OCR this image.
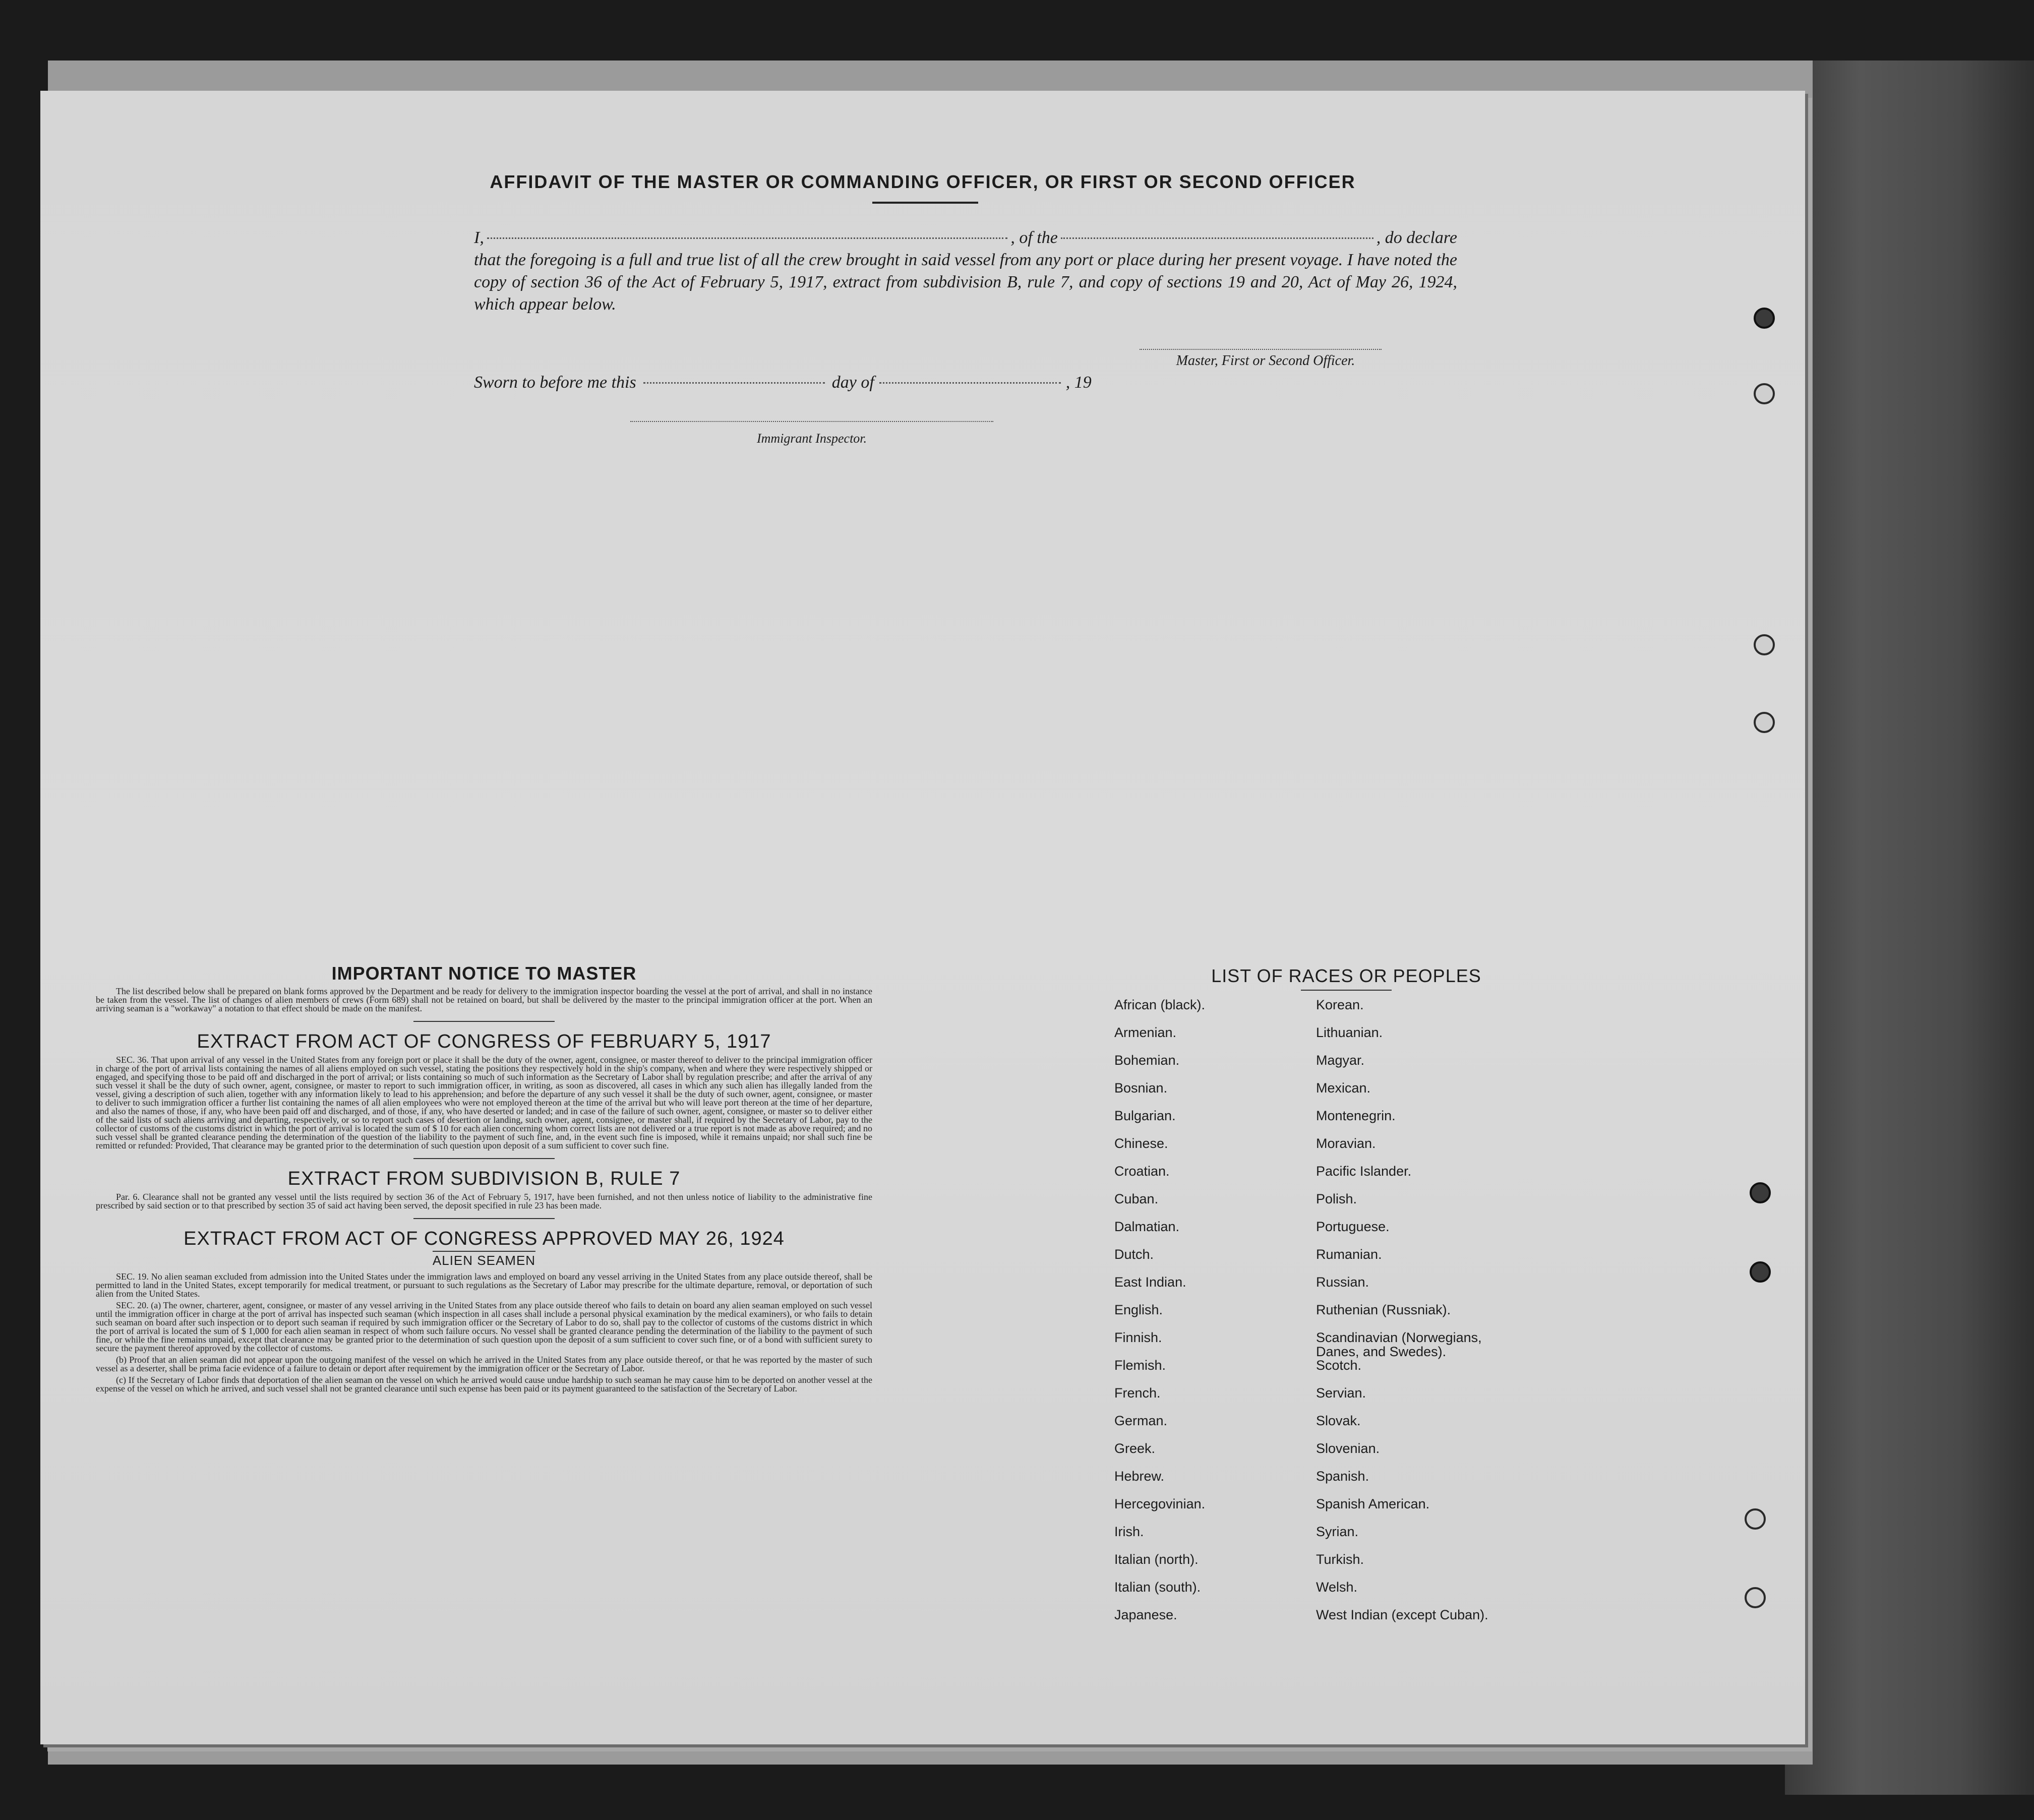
AFFIDAVIT OF THE MASTER OR COMMANDING OFFICER, OR FIRST OR SECOND OFFICER
I,	, of the	, do declare
that the foregoing is a full and true list of all the crew brought in said vessel from any port or place during her present voyage. I have noted the copy of section 36 of the Act of February 5, 1917, extract from subdivision B, rule 7, and copy of sections 19 and 20, Act of May 26, 1924, which appear below.
Master, First or Second Officer.
Sworn to before me this	day of	, 19
Immigrant Inspector.

IMPORTANT NOTICE TO MASTER

The list described below shall be prepared on blank forms approved by the Department and be ready for delivery to the immigration inspector boarding the vessel at the port of arrival, and shall in no instance be taken from the vessel. The list of changes of alien members of crews (Form 689) shall not be retained on board, but shall be delivered by the master to the principal immigration officer at the port. When an arriving seaman is a "workaway" a notation to that effect should be made on the manifest.

EXTRACT FROM ACT OF CONGRESS OF FEBRUARY 5, 1917

SEC. 36. That upon arrival of any vessel in the United States from any foreign port or place it shall be the duty of the owner, agent, consignee, or master thereof to deliver to the principal immigration officer in charge of the port of arrival lists containing the names of all aliens employed on such vessel, stating the positions they respectively hold in the ship's company, when and where they were respectively shipped or engaged, and specifying those to be paid off and discharged in the port of arrival; or lists containing so much of such information as the Secretary of Labor shall by regulation prescribe; and after the arrival of any such vessel it shall be the duty of such owner, agent, consignee, or master to report to such immigration officer, in writing, as soon as discovered, all cases in which any such alien has illegally landed from the vessel, giving a description of such alien, together with any information likely to lead to his apprehension; and before the departure of any such vessel it shall be the duty of such owner, agent, consignee, or master to deliver to such immigration officer a further list containing the names of all alien employees who were not employed thereon at the time of the arrival but who will leave port thereon at the time of her departure, and also the names of those, if any, who have been paid off and discharged, and of those, if any, who have deserted or landed; and in case of the failure of such owner, agent, consignee, or master so to deliver either of the said lists of such aliens arriving and departing, respectively, or so to report such cases of desertion or landing, such owner, agent, consignee, or master shall, if required by the Secretary of Labor, pay to the collector of customs of the customs district in which the port of arrival is located the sum of $ 10 for each alien concerning whom correct lists are not delivered or a true report is not made as above required; and no such vessel shall be granted clearance pending the determination of the question of the liability to the payment of such fine, and, in the event such fine is imposed, while it remains unpaid; nor shall such fine be remitted or refunded: Provided, That clearance may be granted prior to the determination of such question upon deposit of a sum sufficient to cover such fine.

EXTRACT FROM SUBDIVISION B, RULE 7

Par. 6. Clearance shall not be granted any vessel until the lists required by section 36 of the Act of February 5, 1917, have been furnished, and not then unless notice of liability to the administrative fine prescribed by said section or to that prescribed by section 35 of said act having been served, the deposit specified in rule 23 has been made.

EXTRACT FROM ACT OF CONGRESS APPROVED MAY 26, 1924

ALIEN SEAMEN

SEC. 19. No alien seaman excluded from admission into the United States under the immigration laws and employed on board any vessel arriving in the United States from any place outside thereof, shall be permitted to land in the United States, except temporarily for medical treatment, or pursuant to such regulations as the Secretary of Labor may prescribe for the ultimate departure, removal, or deportation of such alien from the United States.

SEC. 20. (a) The owner, charterer, agent, consignee, or master of any vessel arriving in the United States from any place outside thereof who fails to detain on board any alien seaman employed on such vessel until the immigration officer in charge at the port of arrival has inspected such seaman (which inspection in all cases shall include a personal physical examination by the medical examiners), or who fails to detain such seaman on board after such inspection or to deport such seaman if required by such immigration officer or the Secretary of Labor to do so, shall pay to the collector of customs of the customs district in which the port of arrival is located the sum of $ 1,000 for each alien seaman in respect of whom such failure occurs. No vessel shall be granted clearance pending the determination of the liability to the payment of such fine, or while the fine remains unpaid, except that clearance may be granted prior to the determination of such question upon the deposit of a sum sufficient to cover such fine, or of a bond with sufficient surety to secure the payment thereof approved by the collector of customs.

(b) Proof that an alien seaman did not appear upon the outgoing manifest of the vessel on which he arrived in the United States from any place outside thereof, or that he was reported by the master of such vessel as a deserter, shall be prima facie evidence of a failure to detain or deport after requirement by the immigration officer or the Secretary of Labor.

(c) If the Secretary of Labor finds that deportation of the alien seaman on the vessel on which he arrived would cause undue hardship to such seaman he may cause him to be deported on another vessel at the expense of the vessel on which he arrived, and such vessel shall not be granted clearance until such expense has been paid or its payment guaranteed to the satisfaction of the Secretary of Labor.

LIST OF RACES OR PEOPLES
African (black).	Korean.
Armenian.	Lithuanian.
Bohemian.	Magyar.
Bosnian.	Mexican.
Bulgarian.	Montenegrin.
Chinese.	Moravian.
Croatian.	Pacific Islander.
Cuban.	Polish.
Dalmatian.	Portuguese.
Dutch.	Rumanian.
East Indian.	Russian.
English.	Ruthenian (Russniak).
Finnish.	Scandinavian (Norwegians,
Danes, and Swedes).
Flemish.	Scotch.
French.	Servian.
German.	Slovak.
Greek.	Slovenian.
Hebrew.	Spanish.
Hercegovinian.	Spanish American.
Irish.	Syrian.
Italian (north).	Turkish.
Italian (south).	Welsh.
Japanese.	West Indian (except Cuban).
